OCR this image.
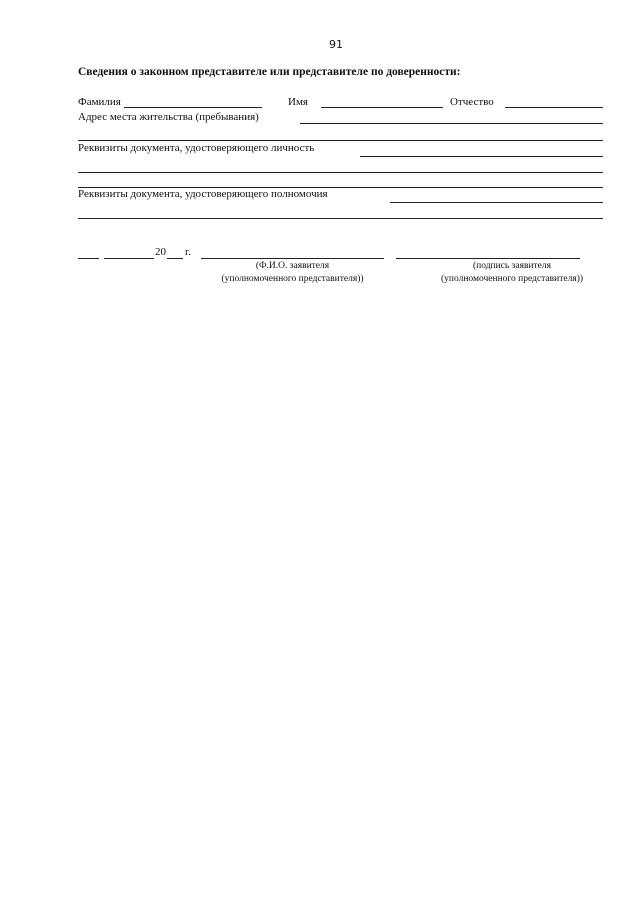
91
Сведения о законном представителе или представителе по доверенности:
Фамилия	Имя	Отчество
Адрес места жительства (пребывания)
Реквизиты документа, удостоверяющего личность
Реквизиты документа, удостоверяющего полномочия
20 г.
(Ф.И.О. заявителя
(уполномоченного представителя))
(подпись заявителя
(уполномоченного представителя))
